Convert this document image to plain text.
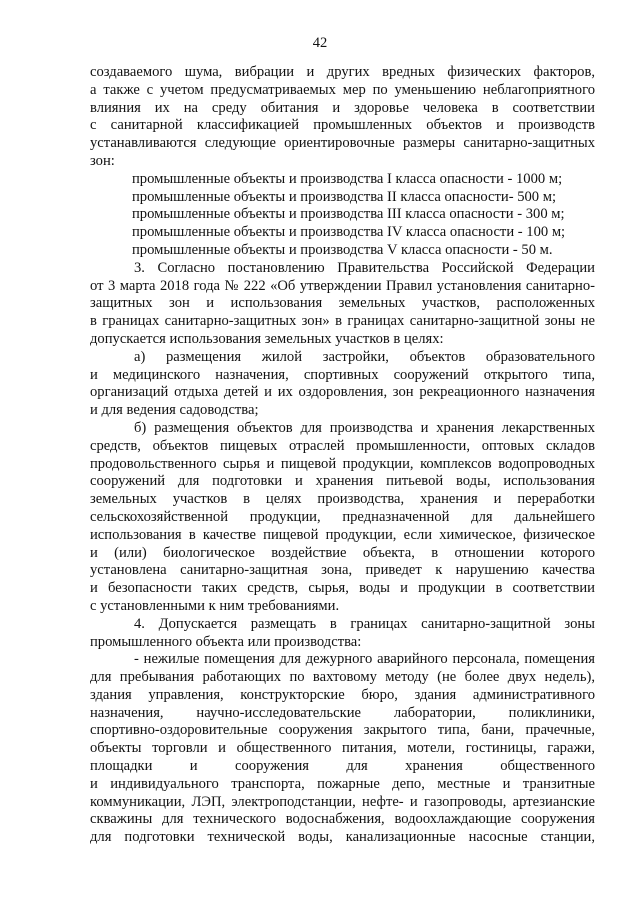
42
создаваемого шума, вибрации и других вредных физических факторов,
а также с учетом предусматриваемых мер по уменьшению неблагоприятного
влияния их на среду обитания и здоровье человека в соответствии
с санитарной классификацией промышленных объектов и производств
устанавливаются следующие ориентировочные размеры санитарно-защитных
зон:
промышленные объекты и производства I класса опасности - 1000 м;
промышленные объекты и производства II класса опасности- 500 м;
промышленные объекты и производства III класса опасности - 300 м;
промышленные объекты и производства IV класса опасности - 100 м;
промышленные объекты и производства V класса опасности - 50 м.
3. Согласно постановлению Правительства Российской Федерации
от 3 марта 2018 года № 222 «Об утверждении Правил установления санитарно-
защитных зон и использования земельных участков, расположенных
в границах санитарно-защитных зон» в границах санитарно-защитной зоны не
допускается использования земельных участков в целях:
а) размещения жилой застройки, объектов образовательного
и медицинского назначения, спортивных сооружений открытого типа,
организаций отдыха детей и их оздоровления, зон рекреационного назначения
и для ведения садоводства;
б) размещения объектов для производства и хранения лекарственных
средств, объектов пищевых отраслей промышленности, оптовых складов
продовольственного сырья и пищевой продукции, комплексов водопроводных
сооружений для подготовки и хранения питьевой воды, использования
земельных участков в целях производства, хранения и переработки
сельскохозяйственной продукции, предназначенной для дальнейшего
использования в качестве пищевой продукции, если химическое, физическое
и (или) биологическое воздействие объекта, в отношении которого
установлена санитарно-защитная зона, приведет к нарушению качества
и безопасности таких средств, сырья, воды и продукции в соответствии
с установленными к ним требованиями.
4. Допускается размещать в границах санитарно-защитной зоны
промышленного объекта или производства:
- нежилые помещения для дежурного аварийного персонала, помещения
для пребывания работающих по вахтовому методу (не более двух недель),
здания управления, конструкторские бюро, здания административного
назначения, научно-исследовательские лаборатории, поликлиники,
спортивно-оздоровительные сооружения закрытого типа, бани, прачечные,
объекты торговли и общественного питания, мотели, гостиницы, гаражи,
площадки и сооружения для хранения общественного
и индивидуального транспорта, пожарные депо, местные и транзитные
коммуникации, ЛЭП, электроподстанции, нефте- и газопроводы, артезианские
скважины для технического водоснабжения, водоохлаждающие сооружения
для подготовки технической воды, канализационные насосные станции,
